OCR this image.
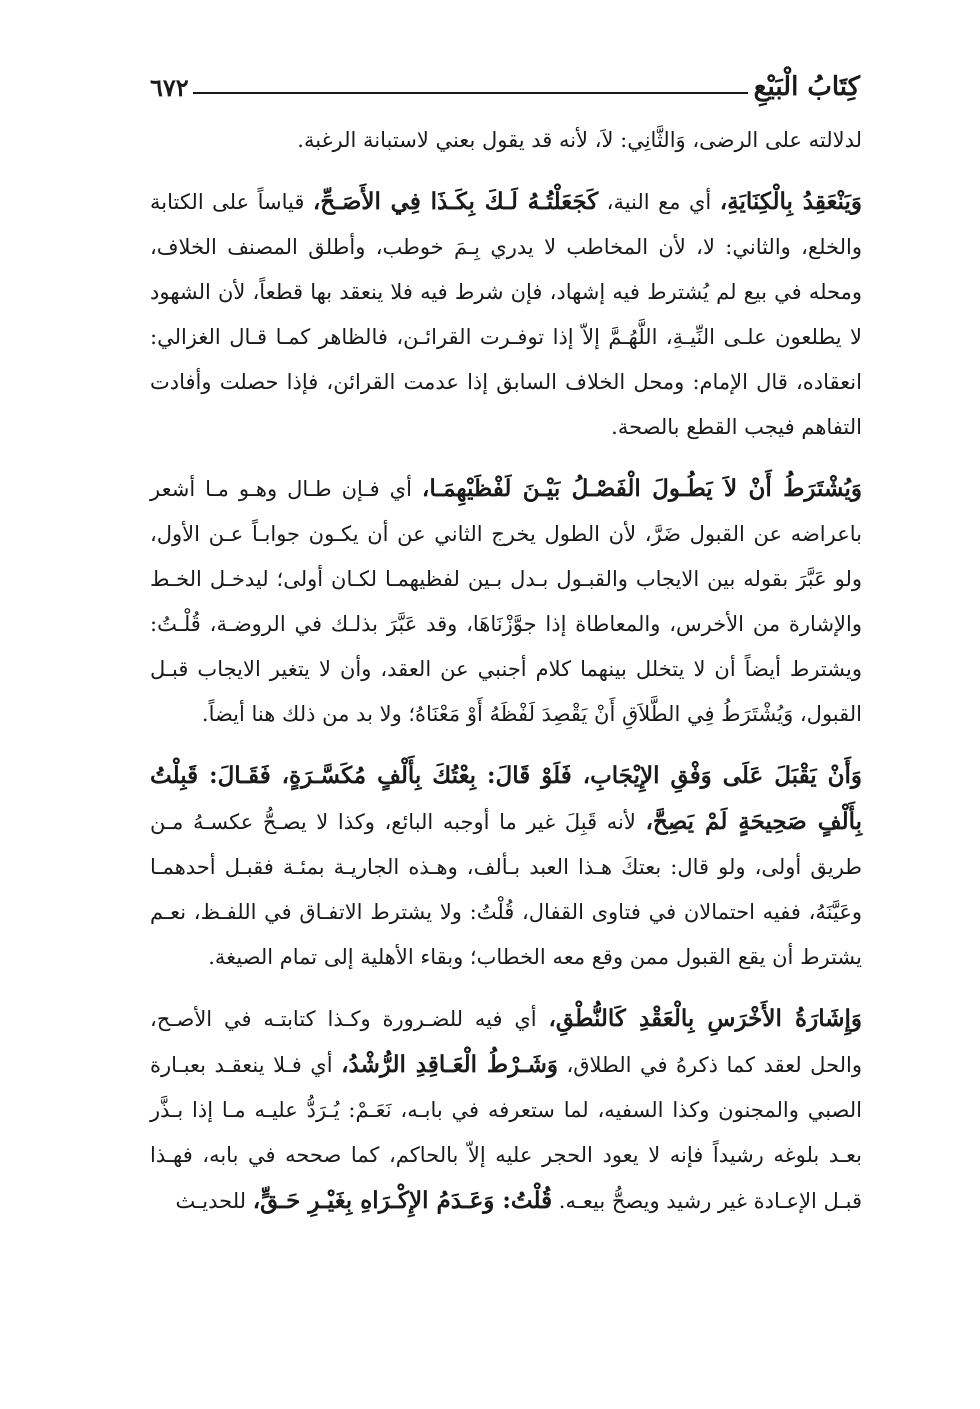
كِتَابُ الْبَيْعِ
٦٧٢

لدلالته على الرضى، وَالثَّانِي: لاَ، لأنه قد يقول بعني لاستبانة الرغبة.

وَيَنْعَقِدُ بِالْكِنَايَةِ، أي مع النية، كَجَعَلْتُـهُ لَـكَ بِكَـذَا فِي الأَصَـحِّ، قياساً على الكتابة والخلع، والثاني: لا، لأن المخاطب لا يدري بِـمَ خوطب، وأطلق المصنف الخلاف، ومحله في بيع لم يُشترط فيه إشهاد، فإن شرط فيه فلا ينعقد بها قطعاً، لأن الشهود لا يطلعون علـى النِّيـةِ، اللَّهُـمَّ إلاّ إذا توفـرت القرائـن، فالظاهر كمـا قـال الغزالي: انعقاده، قال الإمام: ومحل الخلاف السابق إذا عدمت القرائن، فإذا حصلت وأفادت التفاهم فيجب القطع بالصحة.

وَيُشْتَرَطُ أَنْ لاَ يَطُـولَ الْفَصْـلُ بَيْـنَ لَفْظَيْهِمَـا، أي فـإن طـال وهـو مـا أشعر باعراضه عن القبول ضَرَّ، لأن الطول يخرج الثاني عن أن يكـون جوابـاً عـن الأول، ولو عَبَّرَ بقوله بين الايجاب والقبـول بـدل بـين لفظيهمـا لكـان أولى؛ ليدخـل الخـط والإشارة من الأخرس، والمعاطاة إذا جوَّزْنَاهَا، وقد عَبَّرَ بذلـك في الروضـة، قُلْـتُ: ويشترط أيضاً أن لا يتخلل بينهما كلام أجنبي عن العقد، وأن لا يتغير الايجاب قبـل القبول، وَيُشْتَرَطُ فِي الطَّلاَقِ أَنْ يَقْصِدَ لَفْظَهُ أَوْ مَعْنَاهُ؛ ولا بد من ذلك هنا أيضاً.

وَأَنْ يَقْبَلَ عَلَى وَفْقِ الإِيْجَابِ، فَلَوْ قَالَ: بِعْتُكَ بِأَلْفٍ مُكَسَّـرَةٍ، فَقَـالَ: قَبِلْتُ بِأَلْفٍ صَحِيحَةٍ لَمْ يَصِحَّ، لأنه قَبِلَ غير ما أوجبه البائع، وكذا لا يصـحُّ عكسـهُ مـن طريق أولى، ولو قال: بعتكَ هـذا العبد بـألف، وهـذه الجاريـة بمئـة فقبـل أحدهمـا وعَيَّنَهُ، ففيه احتمالان في فتاوى القفال، قُلْتُ: ولا يشترط الاتفـاق في اللفـظ، نعـم يشترط أن يقع القبول ممن وقع معه الخطاب؛ وبقاء الأهلية إلى تمام الصيغة.

وَإِشَارَةُ الأَخْرَسِ بِالْعَقْدِ كَالنُّطْقِ، أي فيه للضـرورة وكـذا كتابتـه في الأصـح، والحل لعقد كما ذكرهُ في الطلاق، وَشَـرْطُ الْعَـاقِدِ الرُّشْدُ، أي فـلا ينعقـد بعبـارة الصبي والمجنون وكذا السفيه، لما ستعرفه في بابـه، نَعَـمْ: يُـرَدُّ عليـه مـا إذا بـذَّر بعـد بلوغه رشيداً فإنه لا يعود الحجر عليه إلاّ بالحاكم، كما صححه في بابه، فهـذا قبـل الإعـادة غير رشيد ويصحُّ بيعـه. قُلْتُ: وَعَـدَمُ الإِكْـرَاهِ بِغَيْـرِ حَـقٍّ، للحديـث
